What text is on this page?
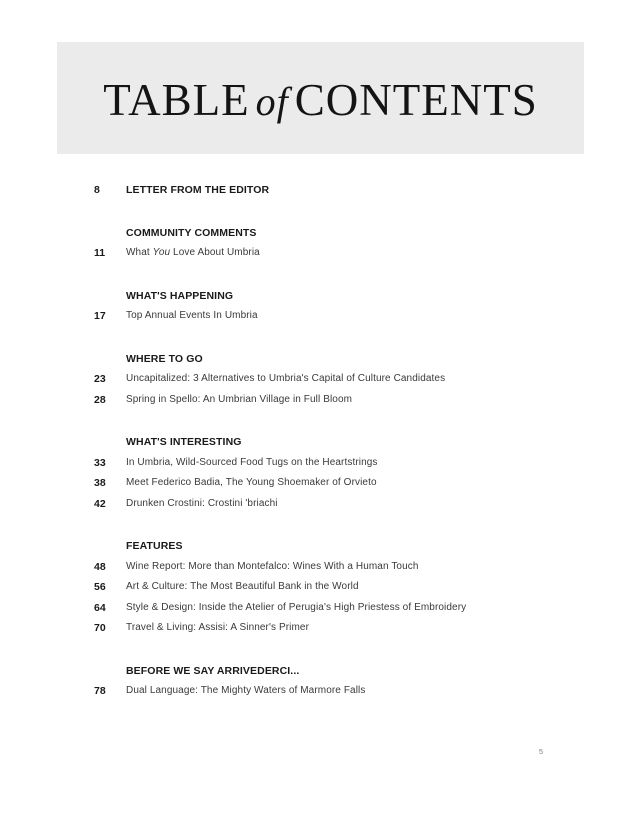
TABLE of CONTENTS
8 LETTER FROM THE EDITOR
COMMUNITY COMMENTS
11 What You Love About Umbria
WHAT'S HAPPENING
17 Top Annual Events In Umbria
WHERE TO GO
23 Uncapitalized: 3 Alternatives to Umbria's Capital of Culture Candidates
28 Spring in Spello: An Umbrian Village in Full Bloom
WHAT'S INTERESTING
33 In Umbria, Wild-Sourced Food Tugs on the Heartstrings
38 Meet Federico Badia, The Young Shoemaker of Orvieto
42 Drunken Crostini: Crostini 'briachi
FEATURES
48 Wine Report: More than Montefalco: Wines With a Human Touch
56 Art & Culture: The Most Beautiful Bank in the World
64 Style & Design: Inside the Atelier of Perugia's High Priestess of Embroidery
70 Travel & Living: Assisi: A Sinner's Primer
BEFORE WE SAY ARRIVEDERCI...
78 Dual Language: The Mighty Waters of Marmore Falls
5
